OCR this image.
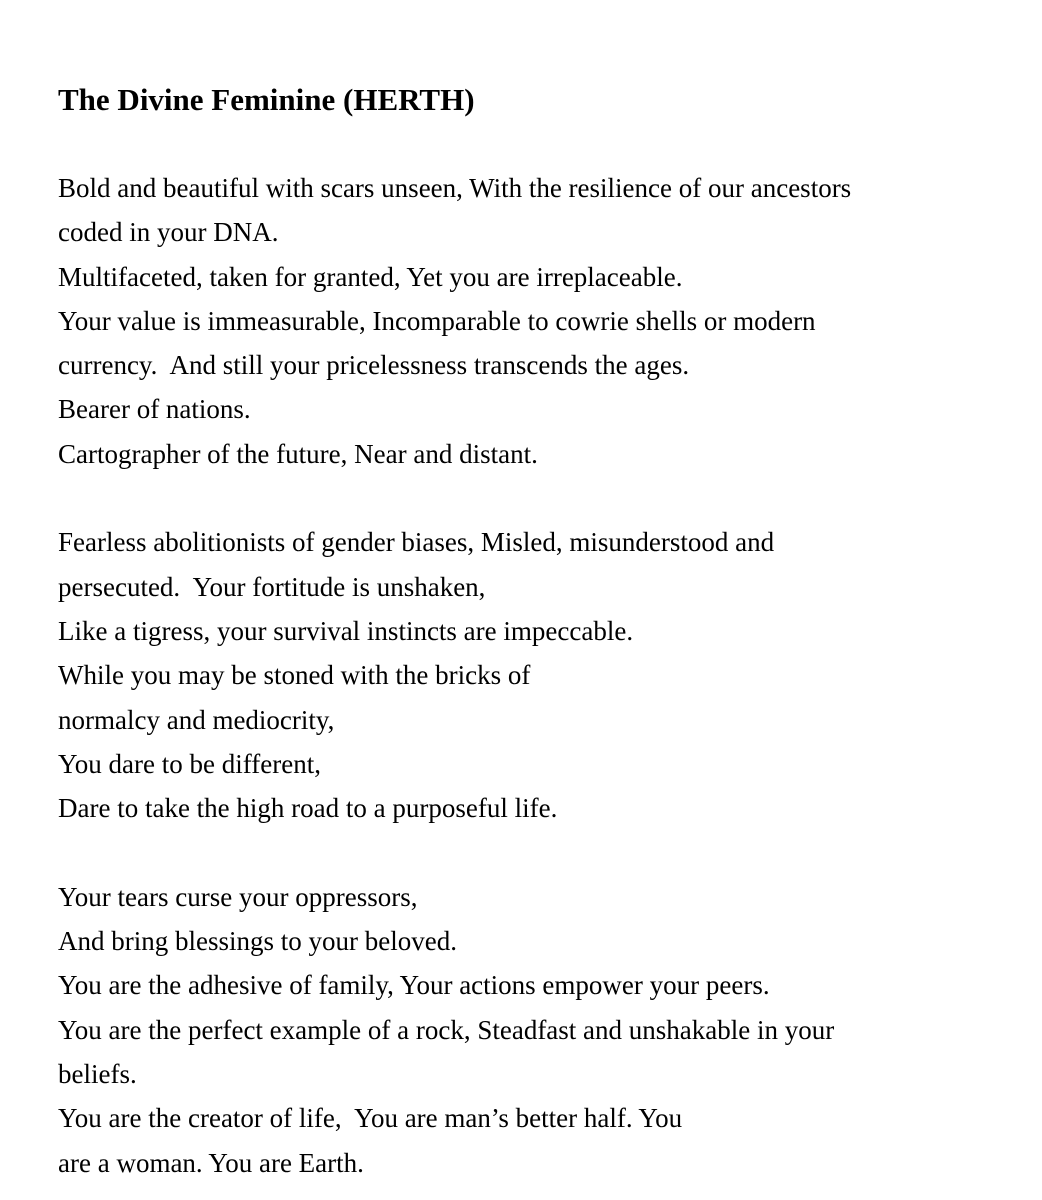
The Divine Feminine (HERTH)

Bold and beautiful with scars unseen, With the resilience of our ancestors
coded in your DNA.
Multifaceted, taken for granted, Yet you are irreplaceable.
Your value is immeasurable, Incomparable to cowrie shells or modern
currency.  And still your pricelessness transcends the ages.
Bearer of nations.
Cartographer of the future, Near and distant.

Fearless abolitionists of gender biases, Misled, misunderstood and
persecuted.  Your fortitude is unshaken,
Like a tigress, your survival instincts are impeccable.
While you may be stoned with the bricks of
normalcy and mediocrity,
You dare to be different,
Dare to take the high road to a purposeful life.

Your tears curse your oppressors,
And bring blessings to your beloved.
You are the adhesive of family, Your actions empower your peers.
You are the perfect example of a rock, Steadfast and unshakable in your
beliefs.
You are the creator of life,  You are man’s better half. You
are a woman. You are Earth.
